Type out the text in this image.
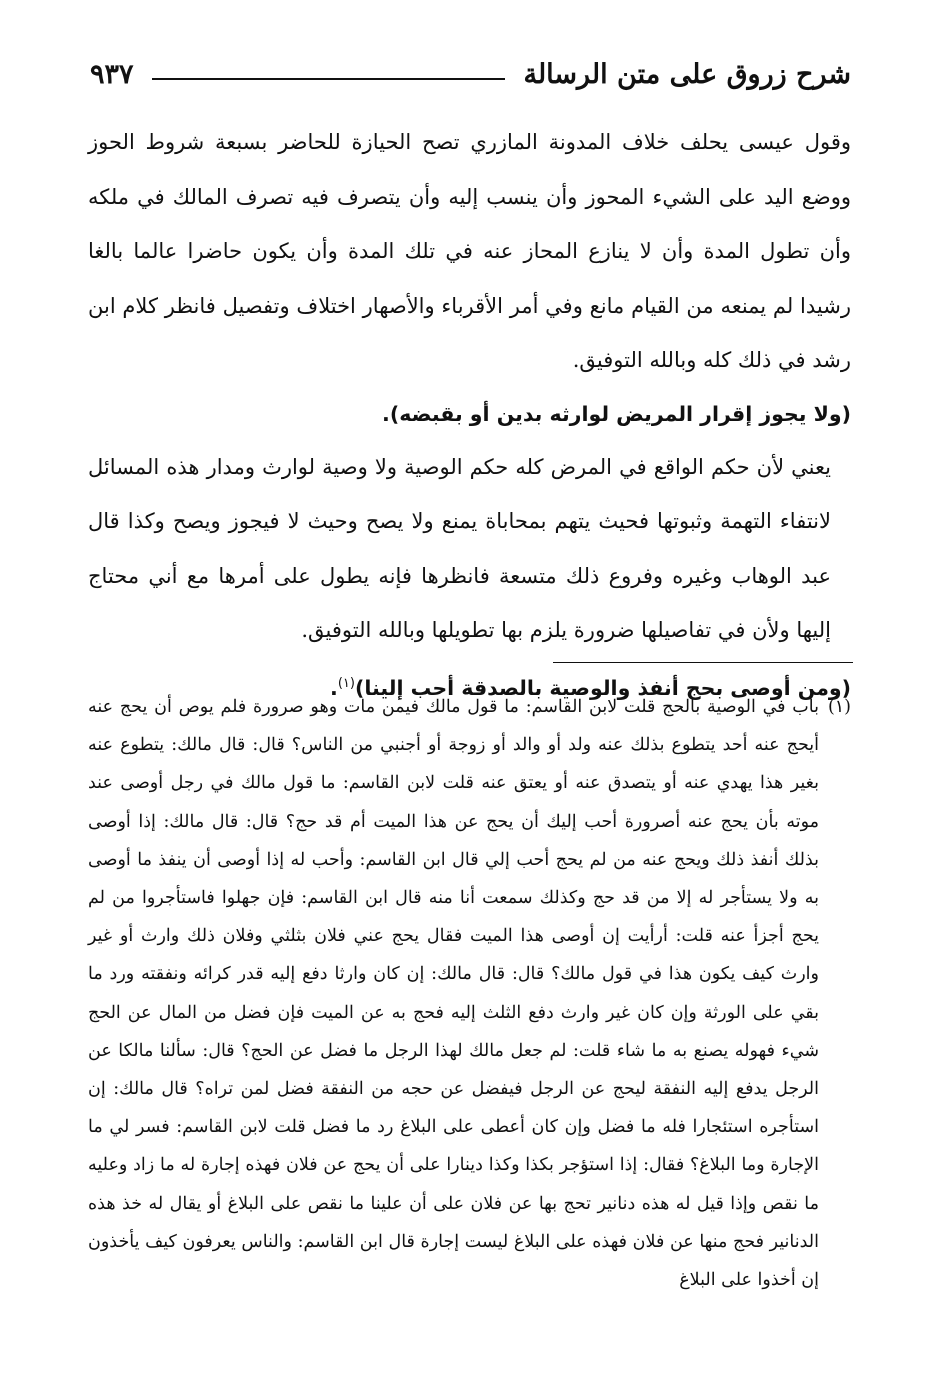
شرح زروق على متن الرسالة
٩٣٧

وقول عيسى يحلف خلاف المدونة المازري تصح الحيازة للحاضر بسبعة شروط الحوز ووضع اليد على الشيء المحوز وأن ينسب إليه وأن يتصرف فيه تصرف المالك في ملكه وأن تطول المدة وأن لا ينازع المحاز عنه في تلك المدة وأن يكون حاضرا عالما بالغا رشيدا لم يمنعه من القيام مانع وفي أمر الأقرباء والأصهار اختلاف وتفصيل فانظر كلام ابن رشد في ذلك كله وبالله التوفيق.

(ولا يجوز إقرار المريض لوارثه بدين أو بقبضه).

يعني لأن حكم الواقع في المرض كله حكم الوصية ولا وصية لوارث ومدار هذه المسائل لانتفاء التهمة وثبوتها فحيث يتهم بمحاباة يمنع ولا يصح وحيث لا فيجوز ويصح وكذا قال عبد الوهاب وغيره وفروع ذلك متسعة فانظرها فإنه يطول على أمرها مع أني محتاج إليها ولأن في تفاصيلها ضرورة يلزم بها تطويلها وبالله التوفيق.

(ومن أوصى بحج أنفذ والوصية بالصدقة أحب إلينا)$^{(١)}$.

(١)
باب في الوصية بالحج قلت لابن القاسم: ما قول مالك فيمن مات وهو صرورة فلم يوص أن يحج عنه أيحج عنه أحد يتطوع بذلك عنه ولد أو والد أو زوجة أو أجنبي من الناس؟ قال: قال مالك: يتطوع عنه بغير هذا يهدي عنه أو يتصدق عنه أو يعتق عنه قلت لابن القاسم: ما قول مالك في رجل أوصى عند موته بأن يحج عنه أصرورة أحب إليك أن يحج عن هذا الميت أم قد حج؟ قال: قال مالك: إذا أوصى بذلك أنفذ ذلك ويحج عنه من لم يحج أحب إلي قال ابن القاسم: وأحب له إذا أوصى أن ينفذ ما أوصى به ولا يستأجر له إلا من قد حج وكذلك سمعت أنا منه قال ابن القاسم: فإن جهلوا فاستأجروا من لم يحج أجزأ عنه قلت: أرأيت إن أوصى هذا الميت فقال يحج عني فلان بثلثي وفلان ذلك وارث أو غير وارث كيف يكون هذا في قول مالك؟ قال: قال مالك: إن كان وارثا دفع إليه قدر كرائه ونفقته ورد ما بقي على الورثة وإن كان غير وارث دفع الثلث إليه فحج به عن الميت فإن فضل من المال عن الحج شيء فهوله يصنع به ما شاء قلت: لم جعل مالك لهذا الرجل ما فضل عن الحج؟ قال: سألنا مالكا عن الرجل يدفع إليه النفقة ليحج عن الرجل فيفضل عن حجه من النفقة فضل لمن تراه؟ قال مالك: إن استأجره استئجارا فله ما فضل وإن كان أعطى على البلاغ رد ما فضل قلت لابن القاسم: فسر لي ما الإجارة وما البلاغ؟ فقال: إذا استؤجر بكذا وكذا دينارا على أن يحج عن فلان فهذه إجارة له ما زاد وعليه ما نقص وإذا قيل له هذه دنانير تحج بها عن فلان على أن علينا ما نقص على البلاغ أو يقال له خذ هذه الدنانير فحج منها عن فلان فهذه على البلاغ ليست إجارة قال ابن القاسم: والناس يعرفون كيف يأخذون إن أخذوا على البلاغ
